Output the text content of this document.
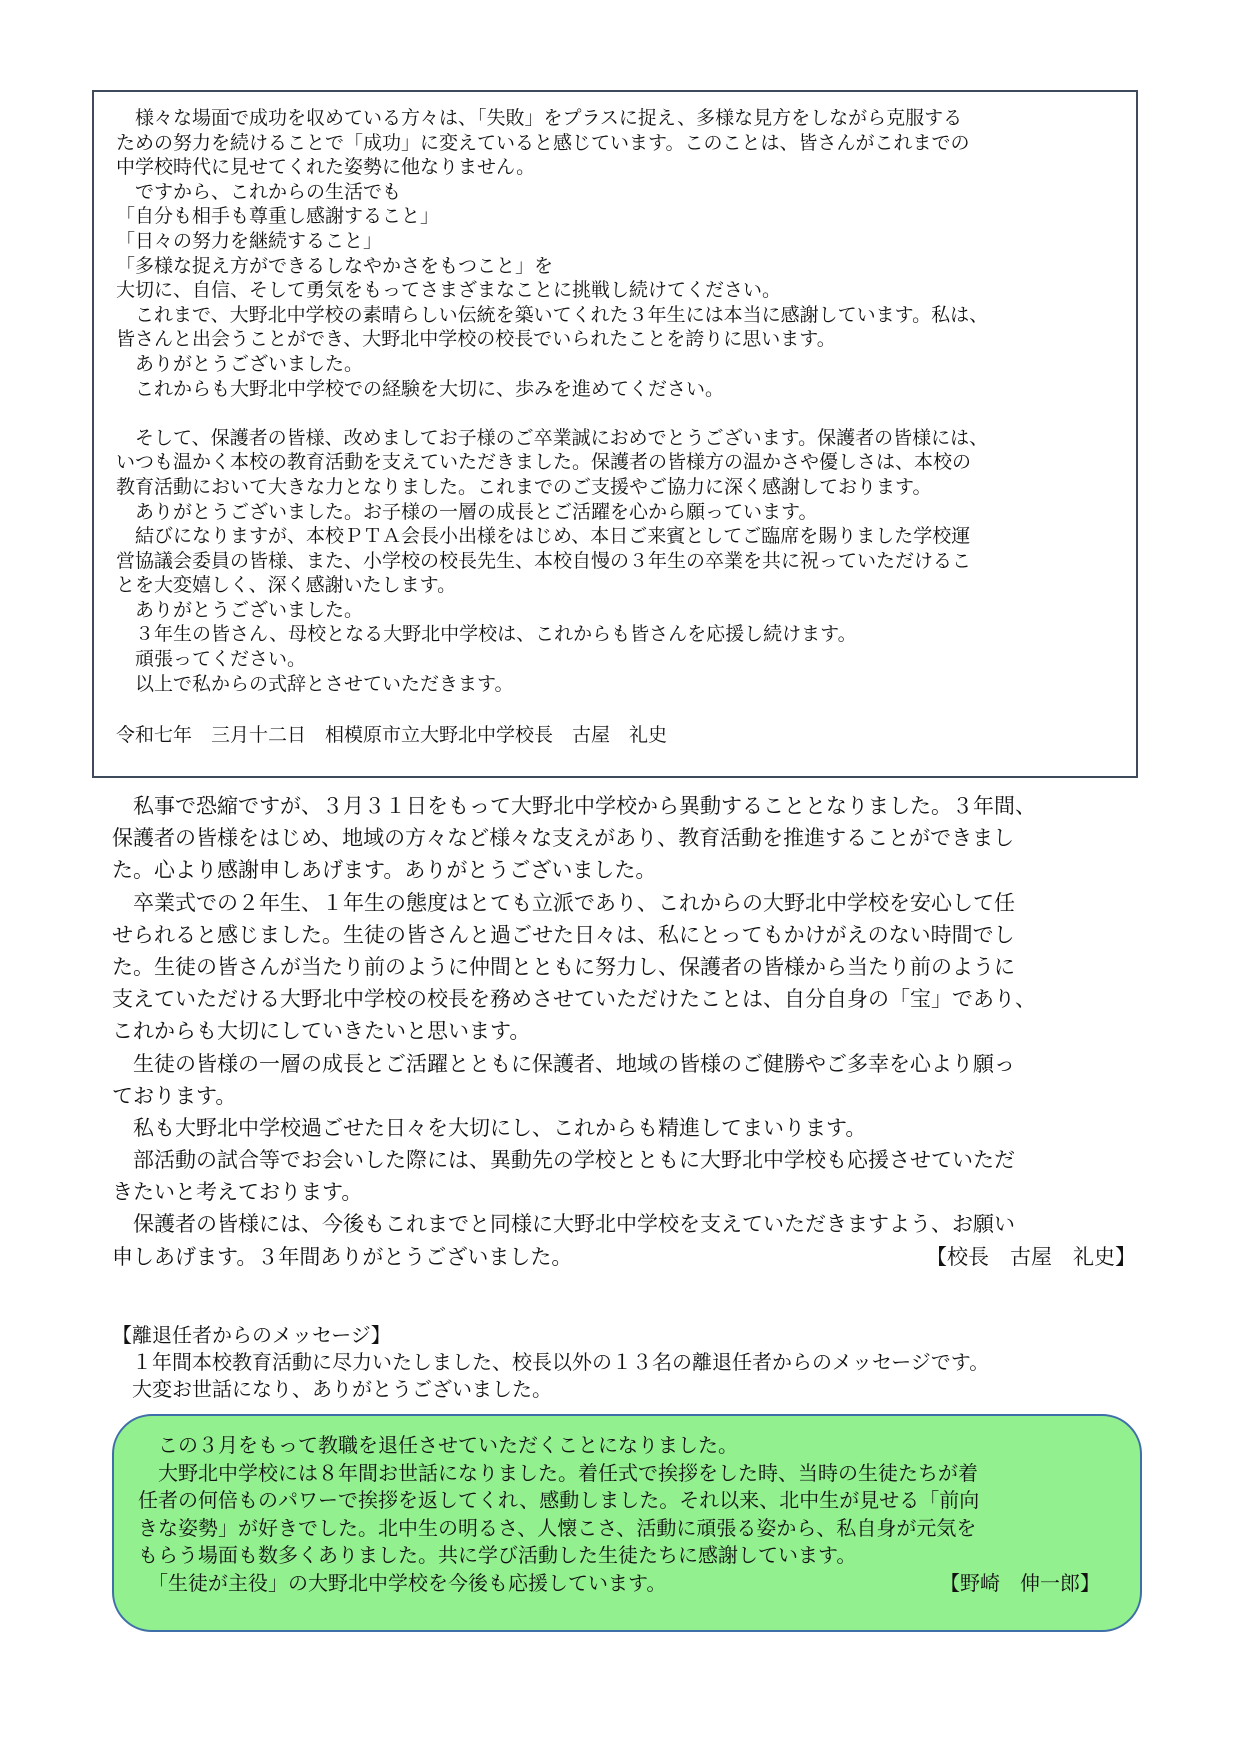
　様々な場面で成功を収めている方々は、「失敗」をプラスに捉え、多様な見方をしながら克服する
ための努力を続けることで「成功」に変えていると感じています。このことは、皆さんがこれまでの
中学校時代に見せてくれた姿勢に他なりません。
　ですから、これからの生活でも
「自分も相手も尊重し感謝すること」
「日々の努力を継続すること」
「多様な捉え方ができるしなやかさをもつこと」を
大切に、自信、そして勇気をもってさまざまなことに挑戦し続けてください。
　これまで、大野北中学校の素晴らしい伝統を築いてくれた３年生には本当に感謝しています。私は、
皆さんと出会うことができ、大野北中学校の校長でいられたことを誇りに思います。
　ありがとうございました。
　これからも大野北中学校での経験を大切に、歩みを進めてください。
　そして、保護者の皆様、改めましてお子様のご卒業誠におめでとうございます。保護者の皆様には、
いつも温かく本校の教育活動を支えていただきました。保護者の皆様方の温かさや優しさは、本校の
教育活動において大きな力となりました。これまでのご支援やご協力に深く感謝しております。
　ありがとうございました。お子様の一層の成長とご活躍を心から願っています。
　結びになりますが、本校ＰＴＡ会長小出様をはじめ、本日ご来賓としてご臨席を賜りました学校運
営協議会委員の皆様、また、小学校の校長先生、本校自慢の３年生の卒業を共に祝っていただけるこ
とを大変嬉しく、深く感謝いたします。
　ありがとうございました。
　３年生の皆さん、母校となる大野北中学校は、これからも皆さんを応援し続けます。
　頑張ってください。
　以上で私からの式辞とさせていただきます。
令和七年　三月十二日　相模原市立大野北中学校長　古屋　礼史
　私事で恐縮ですが、３月３１日をもって大野北中学校から異動することとなりました。３年間、
保護者の皆様をはじめ、地域の方々など様々な支えがあり、教育活動を推進することができまし
た。心より感謝申しあげます。ありがとうございました。
　卒業式での２年生、１年生の態度はとても立派であり、これからの大野北中学校を安心して任
せられると感じました。生徒の皆さんと過ごせた日々は、私にとってもかけがえのない時間でし
た。生徒の皆さんが当たり前のように仲間とともに努力し、保護者の皆様から当たり前のように
支えていただける大野北中学校の校長を務めさせていただけたことは、自分自身の「宝」であり、
これからも大切にしていきたいと思います。
　生徒の皆様の一層の成長とご活躍とともに保護者、地域の皆様のご健勝やご多幸を心より願っ
ております。
　私も大野北中学校過ごせた日々を大切にし、これからも精進してまいります。
　部活動の試合等でお会いした際には、異動先の学校とともに大野北中学校も応援させていただ
きたいと考えております。
　保護者の皆様には、今後もこれまでと同様に大野北中学校を支えていただきますよう、お願い
申しあげます。３年間ありがとうございました。	【校長　古屋　礼史】
【離退任者からのメッセージ】
　１年間本校教育活動に尽力いたしました、校長以外の１３名の離退任者からのメッセージです。
　大変お世話になり、ありがとうございました。
　この３月をもって教職を退任させていただくことになりました。
　大野北中学校には８年間お世話になりました。着任式で挨拶をした時、当時の生徒たちが着
任者の何倍ものパワーで挨拶を返してくれ、感動しました。それ以来、北中生が見せる「前向
きな姿勢」が好きでした。北中生の明るさ、人懐こさ、活動に頑張る姿から、私自身が元気を
もらう場面も数多くありました。共に学び活動した生徒たちに感謝しています。
　「生徒が主役」の大野北中学校を今後も応援しています。	【野崎　伸一郎】
